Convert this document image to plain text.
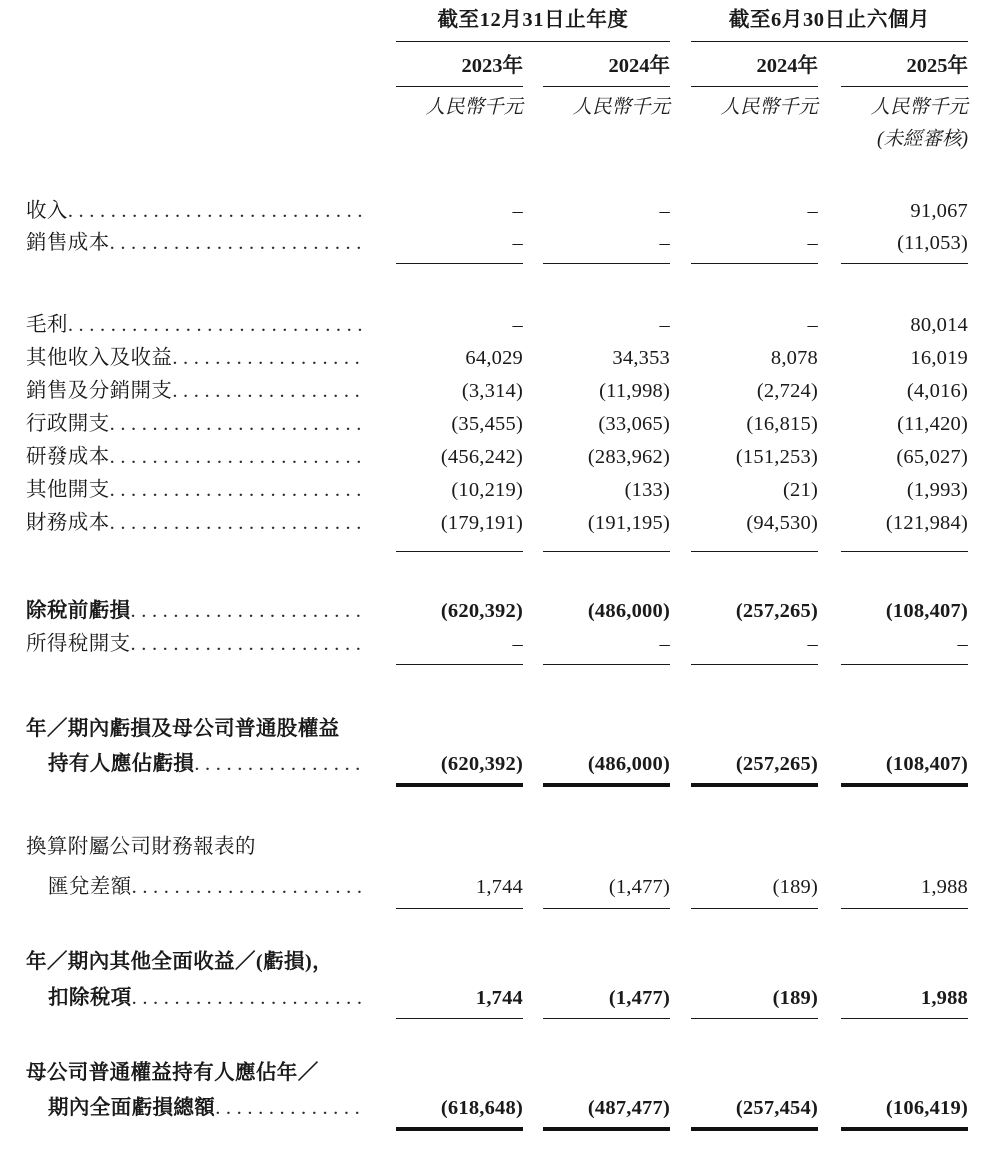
截至12月31日止年度	截至6月30日止六個月
2023年	2024年	2024年	2025年
人民幣千元	人民幣千元	人民幣千元	人民幣千元
(未經審核)
收入............................	–	–	–	91,067
銷售成本........................	–	–	–	(11,053)
毛利............................	–	–	–	80,014
其他收入及收益..................	64,029	34,353	8,078	16,019
銷售及分銷開支..................	(3,314)	(11,998)	(2,724)	(4,016)
行政開支........................	(35,455)	(33,065)	(16,815)	(11,420)
研發成本........................	(456,242)	(283,962)	(151,253)	(65,027)
其他開支........................	(10,219)	(133)	(21)	(1,993)
財務成本........................	(179,191)	(191,195)	(94,530)	(121,984)
除稅前虧損......................	(620,392)	(486,000)	(257,265)	(108,407)
所得稅開支......................	–	–	–	–
年／期內虧損及母公司普通股權益
持有人應佔虧損................	(620,392)	(486,000)	(257,265)	(108,407)
換算附屬公司財務報表的
匯兌差額......................	1,744	(1,477)	(189)	1,988
年／期內其他全面收益／(虧損)，
扣除稅項......................	1,744	(1,477)	(189)	1,988
母公司普通權益持有人應佔年／
期內全面虧損總額..............	(618,648)	(487,477)	(257,454)	(106,419)
